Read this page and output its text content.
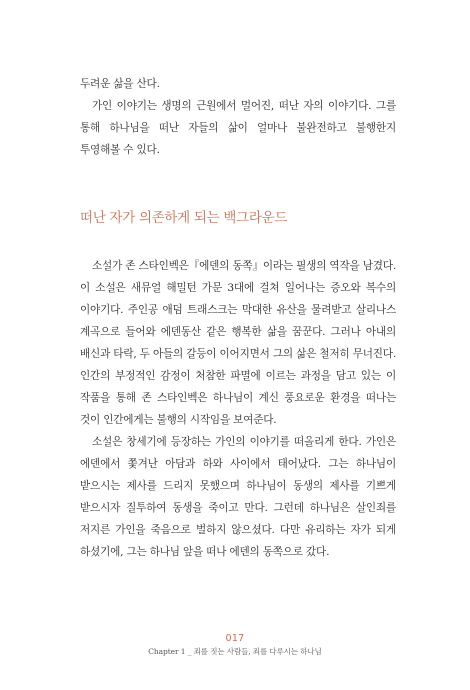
두려운 삶을 산다.

가인 이야기는 생명의 근원에서 멀어진, 떠난 자의 이야기다. 그를 통해 하나님을 떠난 자들의 삶이 얼마나 불완전하고 불행한지 투영해볼 수 있다.

떠난 자가 의존하게 되는 백그라운드

소설가 존 스타인벡은『에덴의 동쪽』이라는 필생의 역작을 남겼다. 이 소설은 새뮤얼 해밀턴 가문 3대에 걸쳐 일어나는 증오와 복수의 이야기다. 주인공 애덤 트래스크는 막대한 유산을 물려받고 살리나스 계곡으로 들어와 에덴동산 같은 행복한 삶을 꿈꾼다. 그러나 아내의 배신과 타락, 두 아들의 갈등이 이어지면서 그의 삶은 철저히 무너진다. 인간의 부정적인 감정이 처참한 파멸에 이르는 과정을 담고 있는 이 작품을 통해 존 스타인벡은 하나님이 계신 풍요로운 환경을 떠나는 것이 인간에게는 불행의 시작임을 보여준다.

소설은 창세기에 등장하는 가인의 이야기를 떠올리게 한다. 가인은 에덴에서 쫓겨난 아담과 하와 사이에서 태어났다. 그는 하나님이 받으시는 제사를 드리지 못했으며 하나님이 동생의 제사를 기쁘게 받으시자 질투하여 동생을 죽이고 만다. 그런데 하나님은 살인죄를 저지른 가인을 죽음으로 벌하지 않으셨다. 다만 유리하는 자가 되게 하셨기에, 그는 하나님 앞을 떠나 에덴의 동쪽으로 갔다.

017
Chapter 1 _ 죄를 짓는 사람들, 죄를 다루시는 하나님
